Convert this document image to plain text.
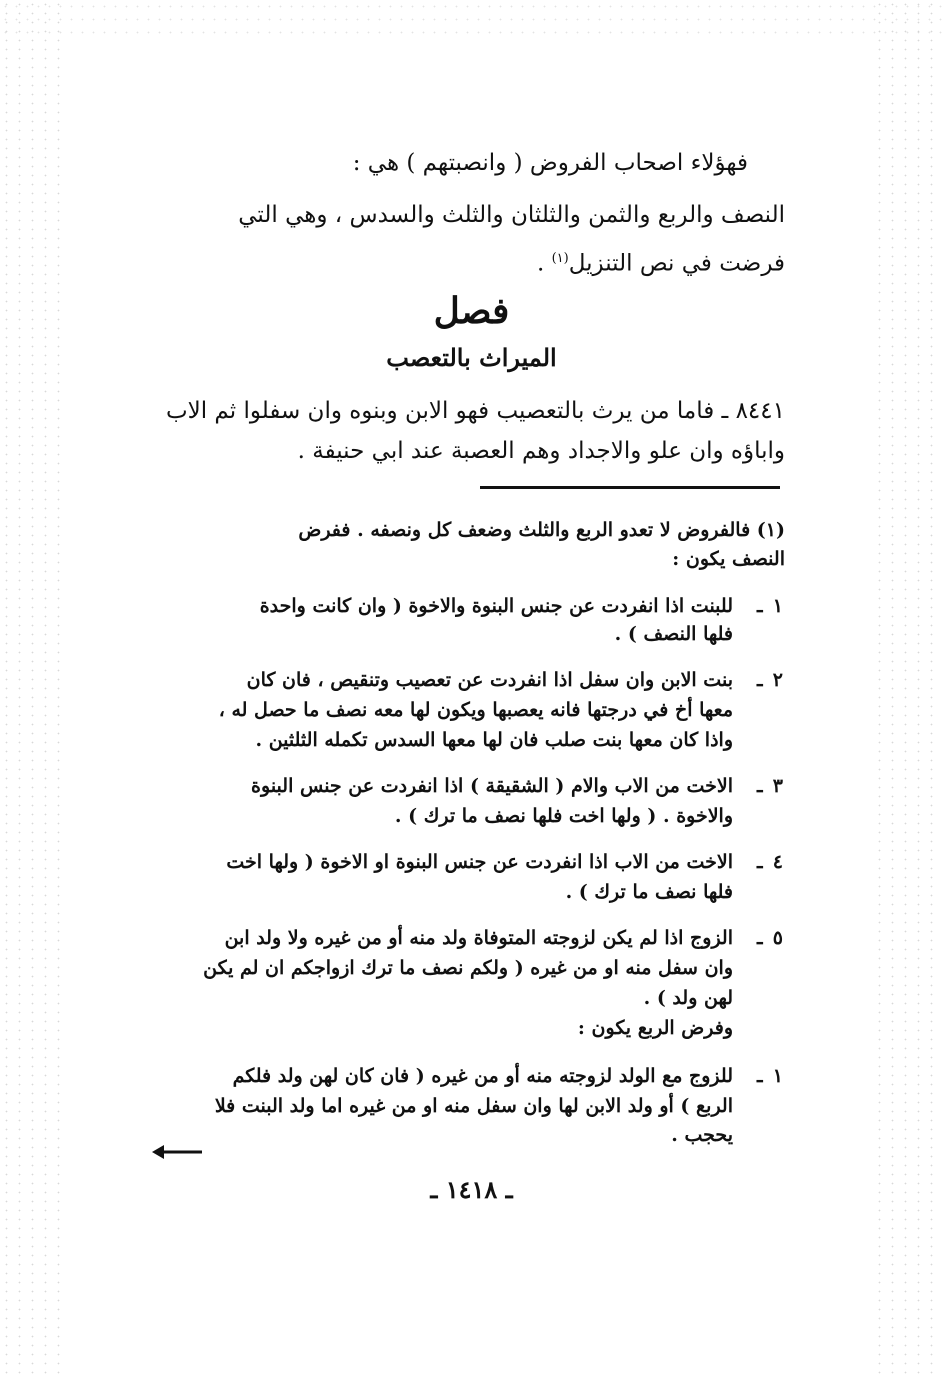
فهؤلاء اصحاب الفروض ( وانصبتهم ) هي :
النصف والربع والثمن والثلثان والثلث والسدس ، وهي التي
فرضت في نص التنزيل$^{(١)}$ .
فصل
الميراث بالتعصب
٨٤٤١ ـ فاما من يرث بالتعصيب فهو الابن وبنوه وان سفلوا ثم الاب
واباؤه وان علو والاجداد وهم العصبة عند ابي حنيفة .
(١) فالفروض لا تعدو الربع والثلث وضعف كل ونصفه . ففرض
النصف يكون :
١
ـ
للبنت اذا انفردت عن جنس البنوة والاخوة ( وان كانت واحدة
فلها النصف ) .
٢
ـ
بنت الابن وان سفل اذا انفردت عن تعصيب وتنقيص ، فان كان
معها أخ في درجتها فانه يعصبها ويكون لها معه نصف ما حصل له ،
واذا كان معها بنت صلب فان لها معها السدس تكمله الثلثين .
٣
ـ
الاخت من الاب والام ( الشقيقة ) اذا انفردت عن جنس البنوة
والاخوة . ( ولها اخت فلها نصف ما ترك ) .
٤
ـ
الاخت من الاب اذا انفردت عن جنس البنوة او الاخوة ( ولها اخت
فلها نصف ما ترك ) .
٥
ـ
الزوج اذا لم يكن لزوجته المتوفاة ولد منه أو من غيره ولا ولد ابن
وان سفل منه او من غيره ( ولكم نصف ما ترك ازواجكم ان لم يكن
لهن ولد ) .
وفرض الربع يكون :
١
ـ
للزوج مع الولد لزوجته منه أو من غيره ( فان كان لهن ولد فلكم
الربع ) أو ولد الابن لها وان سفل منه او من غيره اما ولد البنت فلا
يحجب .
ـ ١٤١٨ ـ
